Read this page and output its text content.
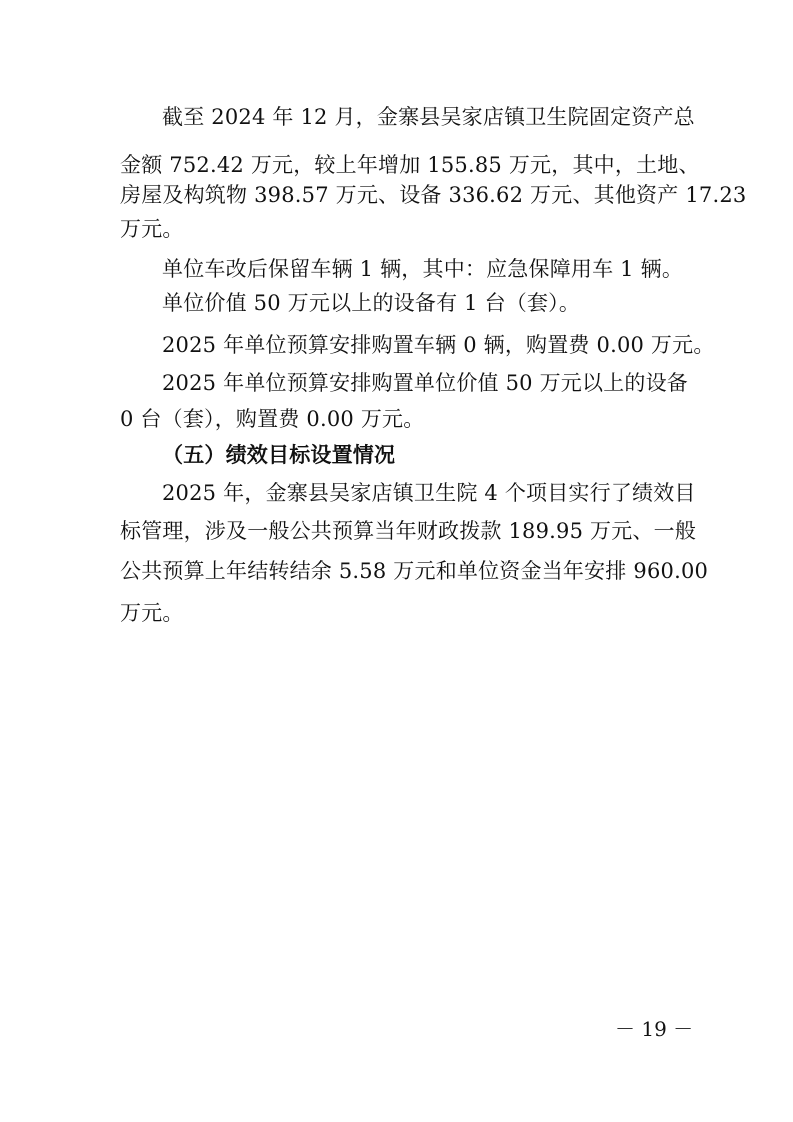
截至 2024 年 12 月，金寨县吴家店镇卫生院固定资产总
金额 752.42 万元，较上年增加 155.85 万元，其中，土地、
房屋及构筑物 398.57 万元、设备 336.62 万元、其他资产 17.23
万元。
单位车改后保留车辆 1 辆，其中：应急保障用车 1 辆。
单位价值 50 万元以上的设备有 1 台（套）。
2025 年单位预算安排购置车辆 0 辆，购置费 0.00 万元。
2025 年单位预算安排购置单位价值 50 万元以上的设备
0 台（套），购置费 0.00 万元。
（五）绩效目标设置情况
2025 年，金寨县吴家店镇卫生院 4 个项目实行了绩效目
标管理，涉及一般公共预算当年财政拨款 189.95 万元、一般
公共预算上年结转结余 5.58 万元和单位资金当年安排 960.00
万元。
－ 19 －
